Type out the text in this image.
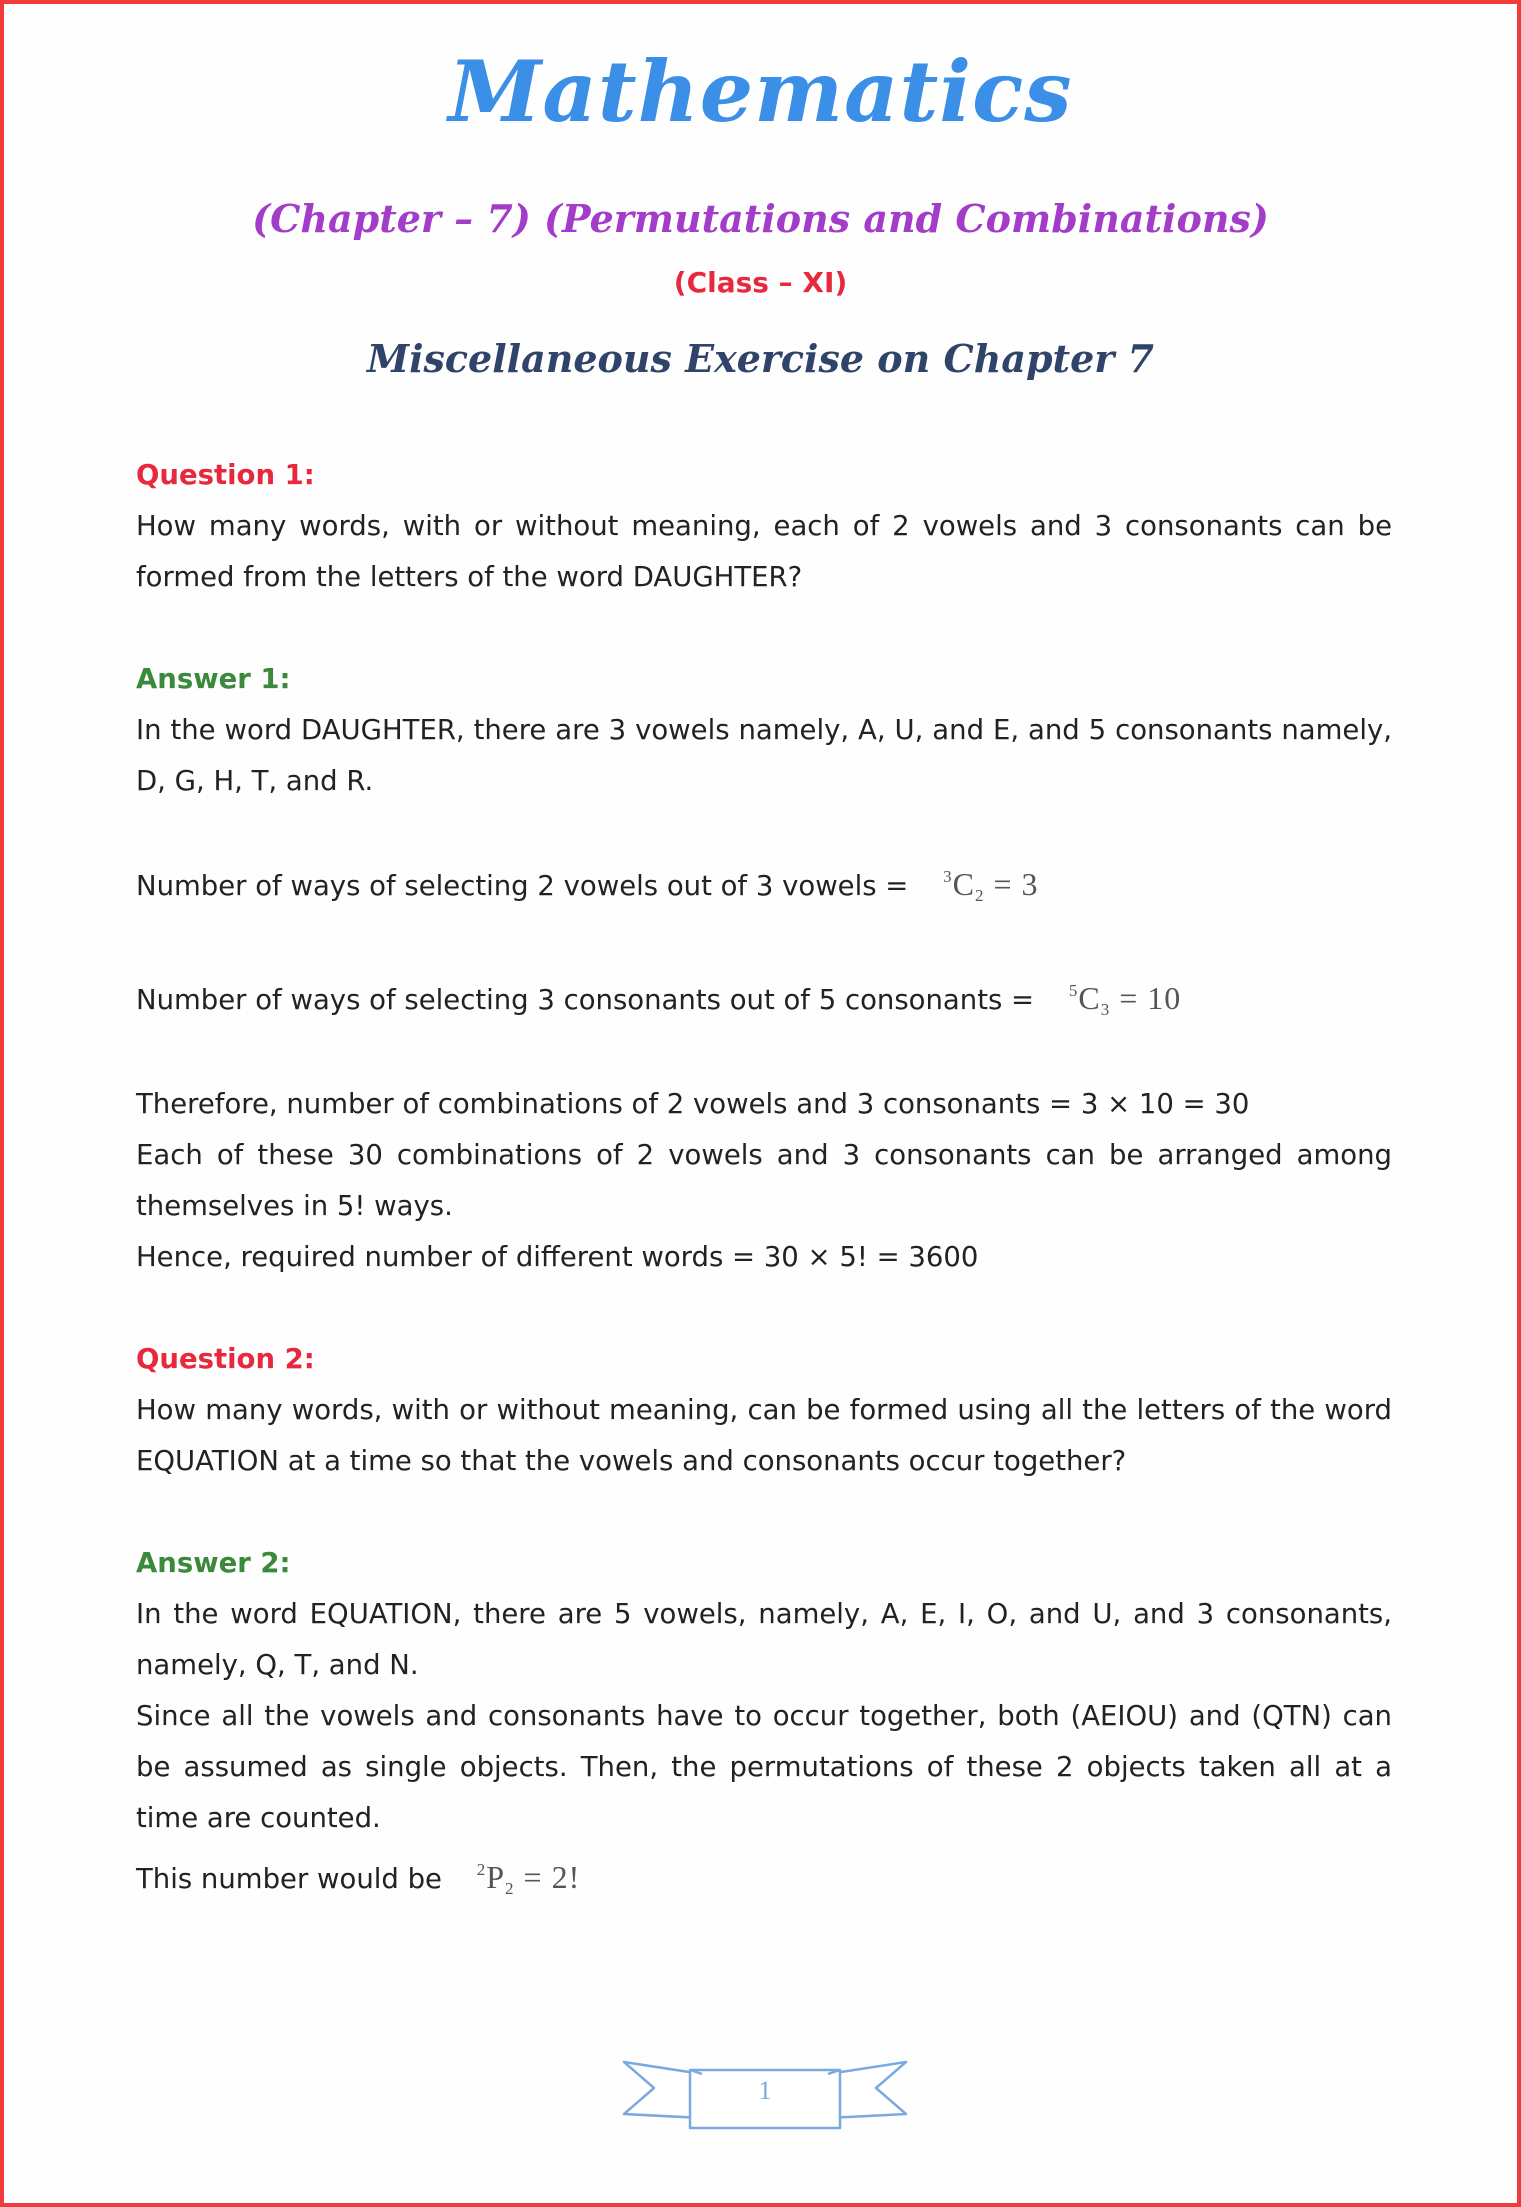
Mathematics
(Chapter – 7) (Permutations and Combinations)
(Class – XI)
Miscellaneous Exercise on Chapter 7

Question 1:

How many words, with or without meaning, each of 2 vowels and 3 consonants can be formed from the letters of the word DAUGHTER?

Answer 1:

In the word DAUGHTER, there are 3 vowels namely, A, U, and E, and 5 consonants namely, D, G, H, T, and R.

Number of ways of selecting 2 vowels out of 3 vowels = $^3C_2 = 3$

Number of ways of selecting 3 consonants out of 5 consonants = $^5C_3 = 10$

Therefore, number of combinations of 2 vowels and 3 consonants = 3 × 10 = 30

Each of these 30 combinations of 2 vowels and 3 consonants can be arranged among themselves in 5! ways.

Hence, required number of different words = 30 × 5! = 3600

Question 2:

How many words, with or without meaning, can be formed using all the letters of the word EQUATION at a time so that the vowels and consonants occur together?

Answer 2:

In the word EQUATION, there are 5 vowels, namely, A, E, I, O, and U, and 3 consonants, namely, Q, T, and N.

Since all the vowels and consonants have to occur together, both (AEIOU) and (QTN) can be assumed as single objects. Then, the permutations of these 2 objects taken all at a time are counted.

This number would be $^2P_2 = 2$!

1
